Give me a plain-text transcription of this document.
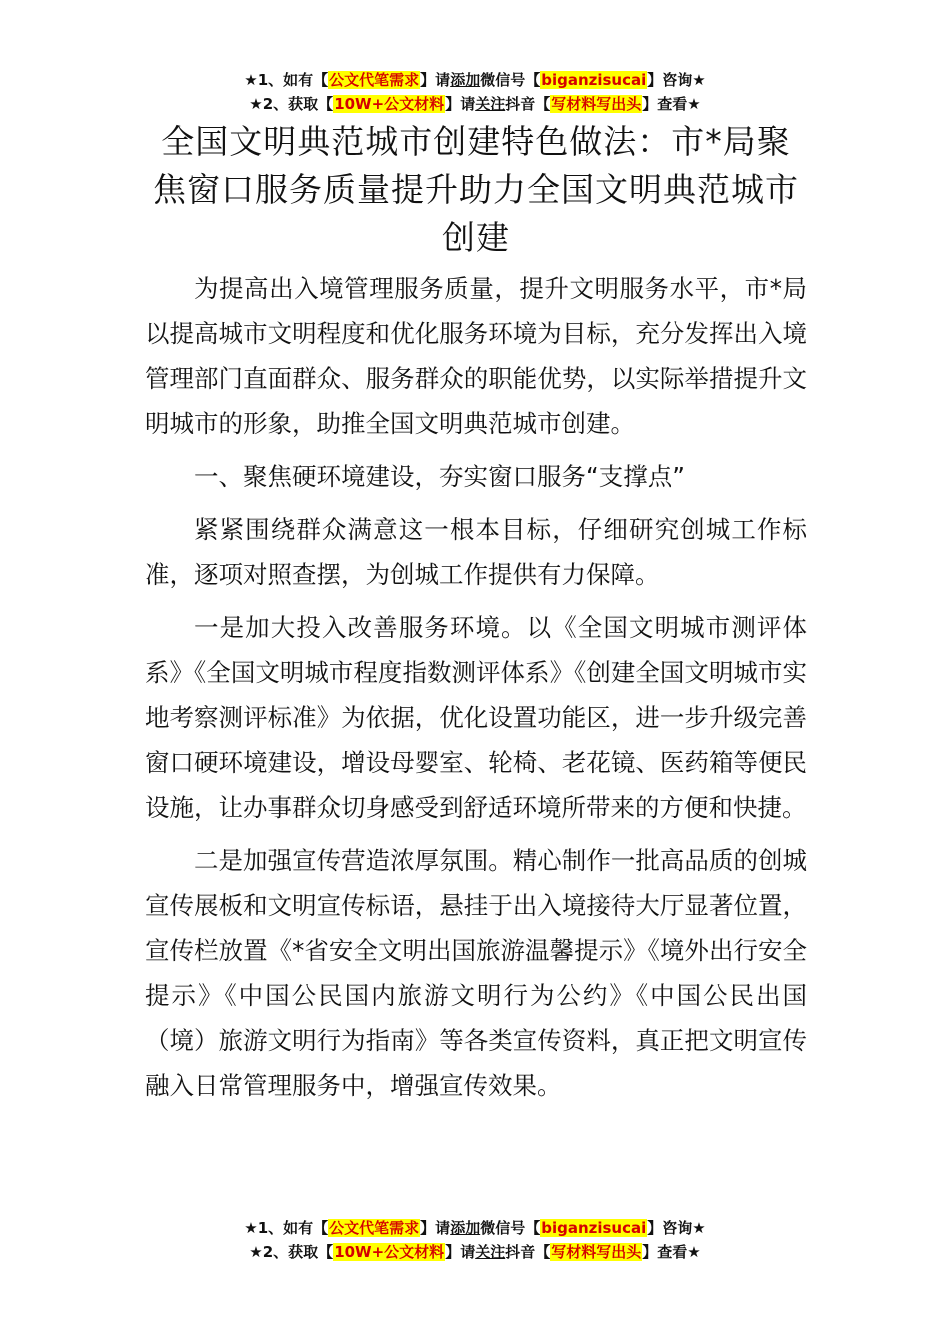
★1、如有【公文代笔需求】请添加微信号【biganzisucai】咨询★
★2、获取【10W+公文材料】请关注抖音【写材料写出头】查看★
全国文明典范城市创建特色做法：市*局聚焦窗口服务质量提升助力全国文明典范城市创建

为提高出入境管理服务质量，提升文明服务水平，市*局以提高城市文明程度和优化服务环境为目标，充分发挥出入境管理部门直面群众、服务群众的职能优势，以实际举措提升文明城市的形象，助推全国文明典范城市创建。

一、聚焦硬环境建设，夯实窗口服务“支撑点”

紧紧围绕群众满意这一根本目标，仔细研究创城工作标准，逐项对照查摆，为创城工作提供有力保障。

一是加大投入改善服务环境。以《全国文明城市测评体系》《全国文明城市程度指数测评体系》《创建全国文明城市实地考察测评标准》为依据，优化设置功能区，进一步升级完善窗口硬环境建设，增设母婴室、轮椅、老花镜、医药箱等便民设施，让办事群众切身感受到舒适环境所带来的方便和快捷。

二是加强宣传营造浓厚氛围。精心制作一批高品质的创城宣传展板和文明宣传标语，悬挂于出入境接待大厅显著位置，宣传栏放置《*省安全文明出国旅游温馨提示》《境外出行安全提示》《中国公民国内旅游文明行为公约》《中国公民出国（境）旅游文明行为指南》等各类宣传资料，真正把文明宣传融入日常管理服务中，增强宣传效果。

★1、如有【公文代笔需求】请添加微信号【biganzisucai】咨询★
★2、获取【10W+公文材料】请关注抖音【写材料写出头】查看★
